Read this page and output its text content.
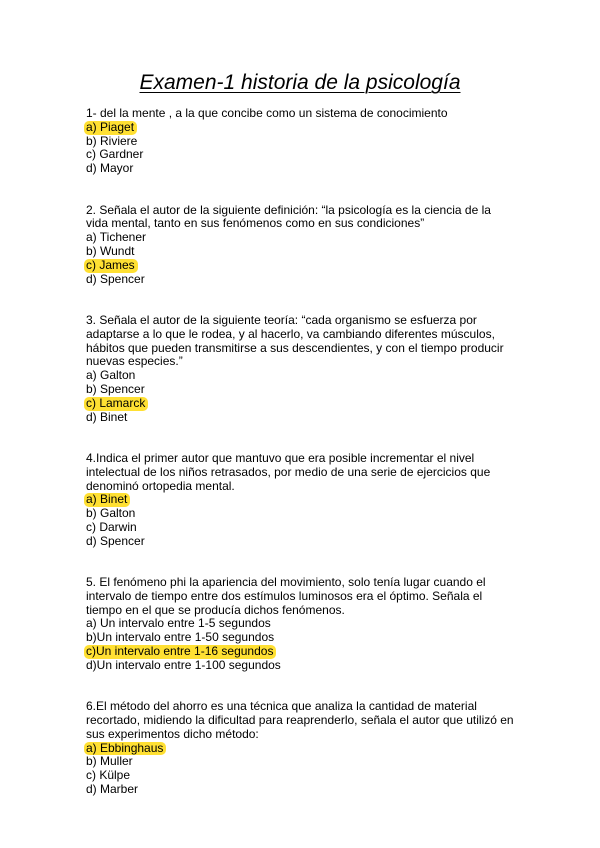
Examen-1 historia de la psicología

1- del la mente , a la que concibe como un sistema de conocimiento

a) Piaget
b) Riviere
c) Gardner
d) Mayor

2. Señala el autor de la siguiente definición: “la psicología es la ciencia de la vida mental, tanto en sus fenómenos como en sus condiciones”

a) Tichener
b) Wundt
c) James
d) Spencer

3. Señala el autor de la siguiente teoría: “cada organismo se esfuerza por adaptarse a lo que le rodea, y al hacerlo, va cambiando diferentes músculos, hábitos que pueden transmitirse a sus descendientes, y con el tiempo producir nuevas especies.”

a) Galton
b) Spencer
c) Lamarck
d) Binet

4.Indica el primer autor que mantuvo que era posible incrementar el nivel intelectual de los niños retrasados, por medio de una serie de ejercicios que denominó ortopedia mental.

a) Binet
b) Galton
c) Darwin
d) Spencer

5. El fenómeno phi la apariencia del movimiento, solo tenía lugar cuando el intervalo de tiempo entre dos estímulos luminosos era el óptimo. Señala el tiempo en el que se producía dichos fenómenos.

a) Un intervalo entre 1-5 segundos
b)Un intervalo entre 1-50 segundos
c)Un intervalo entre 1-16 segundos
d)Un intervalo entre 1-100 segundos

6.El método del ahorro es una técnica que analiza la cantidad de material recortado, midiendo la dificultad para reaprenderlo, señala el autor que utilizó en sus experimentos dicho método:

a) Ebbinghaus
b) Muller
c) Külpe
d) Marber
